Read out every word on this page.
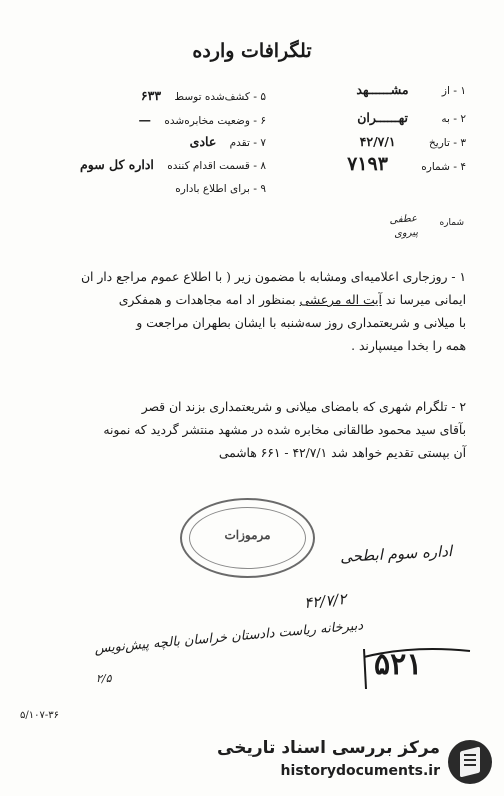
تلگرافات وارده
۱ - از مشــــــهد
۲ - به تهــــــران
۳ - تاریخ ۴۲/۷/۱
۴ - شماره ۷۱۹۳
۵ - کشف‌شده توسط ۶۳۳
۶ - وضعیت مخابره‌شده —
۷ - تقدم عادی
۸ - قسمت اقدام کننده اداره کل سوم
۹ - برای اطلاع باداره
شماره
عطفی
پیروی
۱ - روزجاری اعلامیه‌ای ومشابه با مضمون زیر ( با اطلاع عموم مراجع دار ان
ایمانی میرسا ند آیت اله مرعشی بمنظور اد امه مجاهدات و همفکری
با میلانی و شریعتمداری روز سه‌شنبه با ایشان بطهران مراجعت و
همه را بخدا میسپارند .
۲ - تلگرام شهری که بامضای میلانی و شریعتمداری بزند ان قصر
بآقای سید محمود طالقانی مخابره شده در مشهد منتشر گردید که نمونه
آن بپستی تقدیم خواهد شد ۴۲/۷/۱ - ۶۶۱ هاشمی
مرموزات
اداره سوم ابطحی
۴۲/۷/۲
دبیرخانه ریاست دادستان خراسان بالچه پیش‌نویس
۲/۵	۵۲۱
۵/۱۰۷-۳۶
مرکز بررسی اسناد تاریخی
historydocuments.ir
